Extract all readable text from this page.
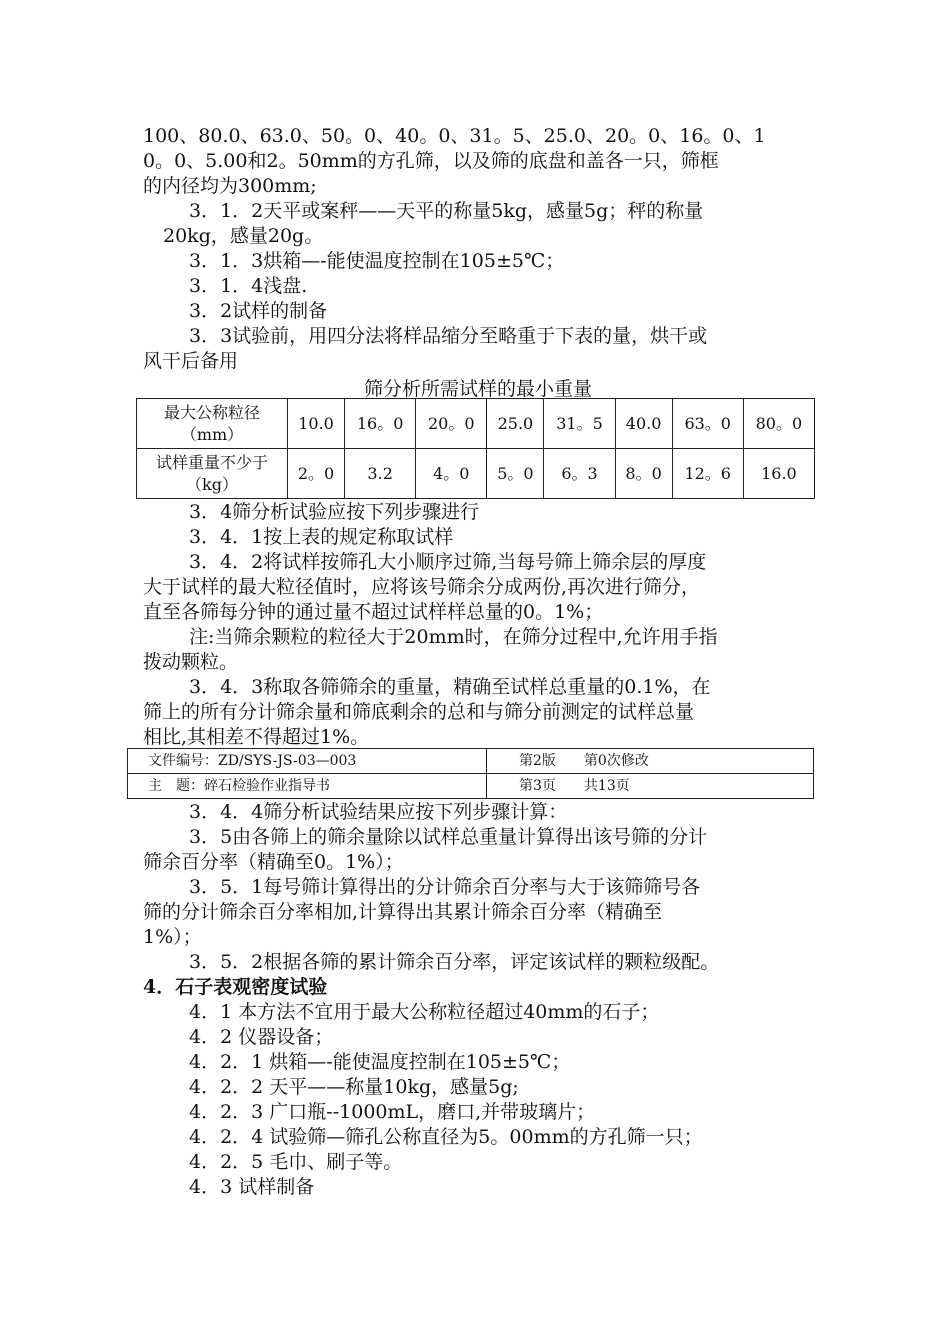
100、80.0、63.0、50。0、40。0、31。5、25.0、20。0、16。0、1

0。0、5.00和2。50mm的方孔筛，以及筛的底盘和盖各一只，筛框

的内径均为300mm;

3．1．2天平或案秤——天平的称量5kg，感量5g；秤的称量

20kg，感量20g。

3．1．3烘箱—-能使温度控制在105±5℃；

3．1．4浅盘.

3．2试样的制备

3．3试验前，用四分法将样品缩分至略重于下表的量，烘干或

风干后备用

筛分析所需试样的最小重量
最大公称粒径（mm）	10.0	16。0	20。0	25.0	31。5	40.0	63。0	80。0
试样重量不少于（kg）	2。0	3.2	4。0	5。0	6。3	8。0	12。6	16.0

3．4筛分析试验应按下列步骤进行

3．4．1按上表的规定称取试样

3．4．2将试样按筛孔大小顺序过筛,当每号筛上筛余层的厚度

大于试样的最大粒径值时，应将该号筛余分成两份,再次进行筛分，

直至各筛每分钟的通过量不超过试样样总量的0。1%；

注:当筛余颗粒的粒径大于20mm时，在筛分过程中,允许用手指

拨动颗粒。

3．4．3称取各筛筛余的重量，精确至试样总重量的0.1%，在

筛上的所有分计筛余量和筛底剩余的总和与筛分前测定的试样总量

相比,其相差不得超过1%。

文件编号：ZD/SYS-JS-03—003	第2版　　第0次修改
主　题：碎石检验作业指导书	第3页　　共13页

3．4．4筛分析试验结果应按下列步骤计算：

3．5由各筛上的筛余量除以试样总重量计算得出该号筛的分计

筛余百分率（精确至0。1%）；

3．5．1每号筛计算得出的分计筛余百分率与大于该筛筛号各

筛的分计筛余百分率相加,计算得出其累计筛余百分率（精确至

1%）；

3．5．2根据各筛的累计筛余百分率，评定该试样的颗粒级配。

4．石子表观密度试验

4．1 本方法不宜用于最大公称粒径超过40mm的石子；

4．2 仪器设备；

4．2．1 烘箱—-能使温度控制在105±5℃；

4．2．2 天平——称量10kg，感量5g;

4．2．3 广口瓶--1000mL，磨口,并带玻璃片；

4．2．4 试验筛—筛孔公称直径为5。00mm的方孔筛一只；

4．2．5 毛巾、刷子等。

4．3 试样制备
